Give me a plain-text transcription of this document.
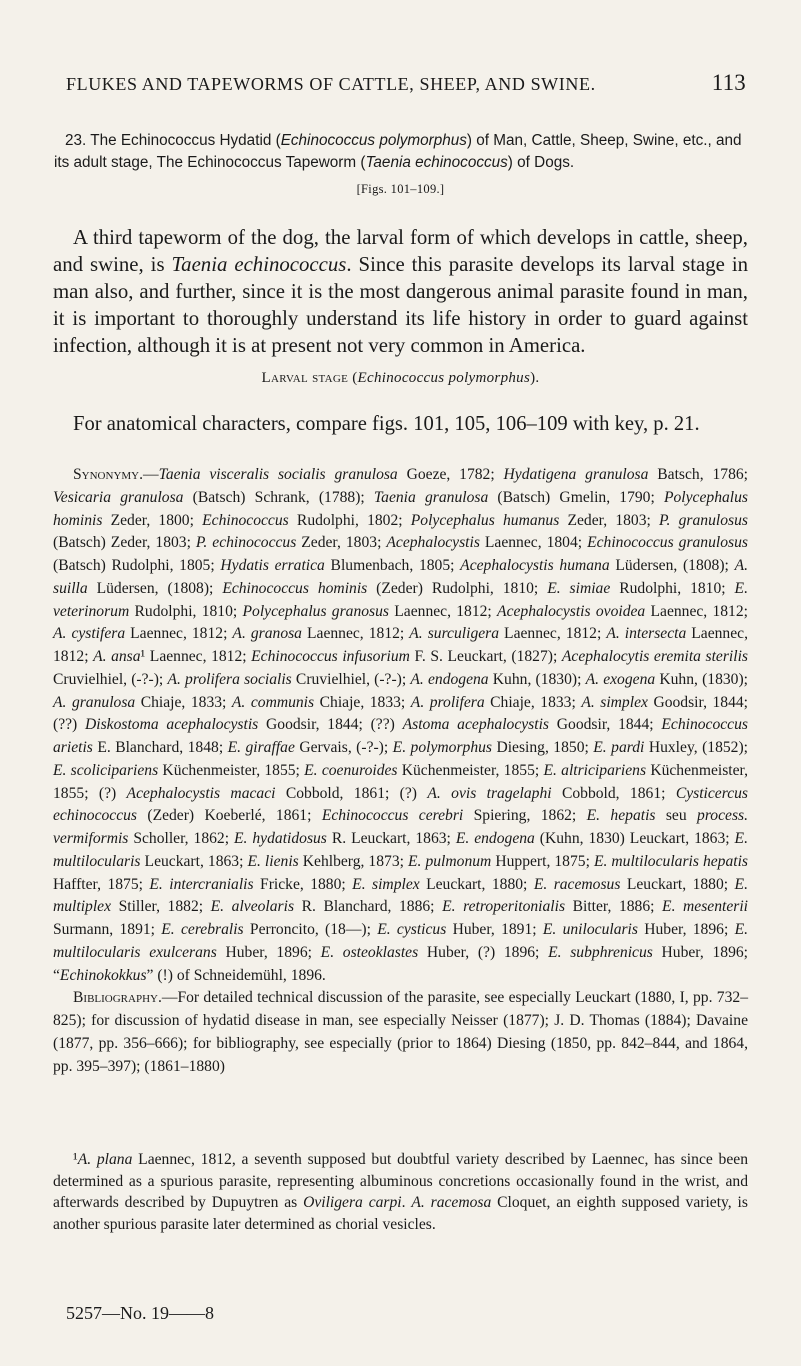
FLUKES AND TAPEWORMS OF CATTLE, SHEEP, AND SWINE.	113
23. The Echinococcus Hydatid (Echinococcus polymorphus) of Man, Cattle, Sheep, Swine, etc., and its adult stage, The Echinococcus Tapeworm (Taenia echinococcus) of Dogs.
[Figs. 101–109.]

A third tapeworm of the dog, the larval form of which develops in cattle, sheep, and swine, is Taenia echinococcus. Since this parasite develops its larval stage in man also, and further, since it is the most dangerous animal parasite found in man, it is important to thoroughly understand its life history in order to guard against infection, although it is at present not very common in America.

Larval stage (Echinococcus polymorphus).

For anatomical characters, compare figs. 101, 105, 106–109 with key, p. 21.

Synonymy.—Taenia visceralis socialis granulosa Goeze, 1782; Hydatigena granulosa Batsch, 1786; Vesicaria granulosa (Batsch) Schrank, (1788); Taenia granulosa (Batsch) Gmelin, 1790; Polycephalus hominis Zeder, 1800; Echinococcus Rudolphi, 1802; Polycephalus humanus Zeder, 1803; P. granulosus (Batsch) Zeder, 1803; P. echinococcus Zeder, 1803; Acephalocystis Laennec, 1804; Echinococcus granulosus (Batsch) Rudolphi, 1805; Hydatis erratica Blumenbach, 1805; Acephalocystis humana Lüdersen, (1808); A. suilla Lüdersen, (1808); Echinococcus hominis (Zeder) Rudolphi, 1810; E. simiae Rudolphi, 1810; E. veterinorum Rudolphi, 1810; Polycephalus granosus Laennec, 1812; Acephalocystis ovoidea Laennec, 1812; A. cystifera Laennec, 1812; A. granosa Laennec, 1812; A. surculigera Laennec, 1812; A. intersecta Laennec, 1812; A. ansa¹ Laennec, 1812; Echinococcus infusorium F. S. Leuckart, (1827); Acephalocytis eremita sterilis Cruvielhiel, (-?-); A. prolifera socialis Cruvielhiel, (-?-); A. endogena Kuhn, (1830); A. exogena Kuhn, (1830); A. granulosa Chiaje, 1833; A. communis Chiaje, 1833; A. prolifera Chiaje, 1833; A. simplex Goodsir, 1844; (??) Diskostoma acephalocystis Goodsir, 1844; (??) Astoma acephalocystis Goodsir, 1844; Echinococcus arietis E. Blanchard, 1848; E. giraffae Gervais, (-?-); E. polymorphus Diesing, 1850; E. pardi Huxley, (1852); E. scolicipariens Küchenmeister, 1855; E. coenuroides Küchenmeister, 1855; E. altricipariens Küchenmeister, 1855; (?) Acephalocystis macaci Cobbold, 1861; (?) A. ovis tragelaphi Cobbold, 1861; Cysticercus echinococcus (Zeder) Koeberlé, 1861; Echinococcus cerebri Spiering, 1862; E. hepatis seu process. vermiformis Scholler, 1862; E. hydatidosus R. Leuckart, 1863; E. endogena (Kuhn, 1830) Leuckart, 1863; E. multilocularis Leuckart, 1863; E. lienis Kehlberg, 1873; E. pulmonum Huppert, 1875; E. multilocularis hepatis Haffter, 1875; E. intercranialis Fricke, 1880; E. simplex Leuckart, 1880; E. racemosus Leuckart, 1880; E. multiplex Stiller, 1882; E. alveolaris R. Blanchard, 1886; E. retroperitonialis Bitter, 1886; E. mesenterii Surmann, 1891; E. cerebralis Perroncito, (18—); E. cysticus Huber, 1891; E. unilocularis Huber, 1896; E. multilocularis exulcerans Huber, 1896; E. osteoklastes Huber, (?) 1896; E. subphrenicus Huber, 1896; “Echinokokkus” (!) of Schneidemühl, 1896.
Bibliography.—For detailed technical discussion of the parasite, see especially Leuckart (1880, I, pp. 732–825); for discussion of hydatid disease in man, see especially Neisser (1877); J. D. Thomas (1884); Davaine (1877, pp. 356–666); for bibliography, see especially (prior to 1864) Diesing (1850, pp. 842–844, and 1864, pp. 395–397); (1861–1880)

¹A. plana Laennec, 1812, a seventh supposed but doubtful variety described by Laennec, has since been determined as a spurious parasite, representing albuminous concretions occasionally found in the wrist, and afterwards described by Dupuytren as Oviligera carpi. A. racemosa Cloquet, an eighth supposed variety, is another spurious parasite later determined as chorial vesicles.

5257—No. 19——8
